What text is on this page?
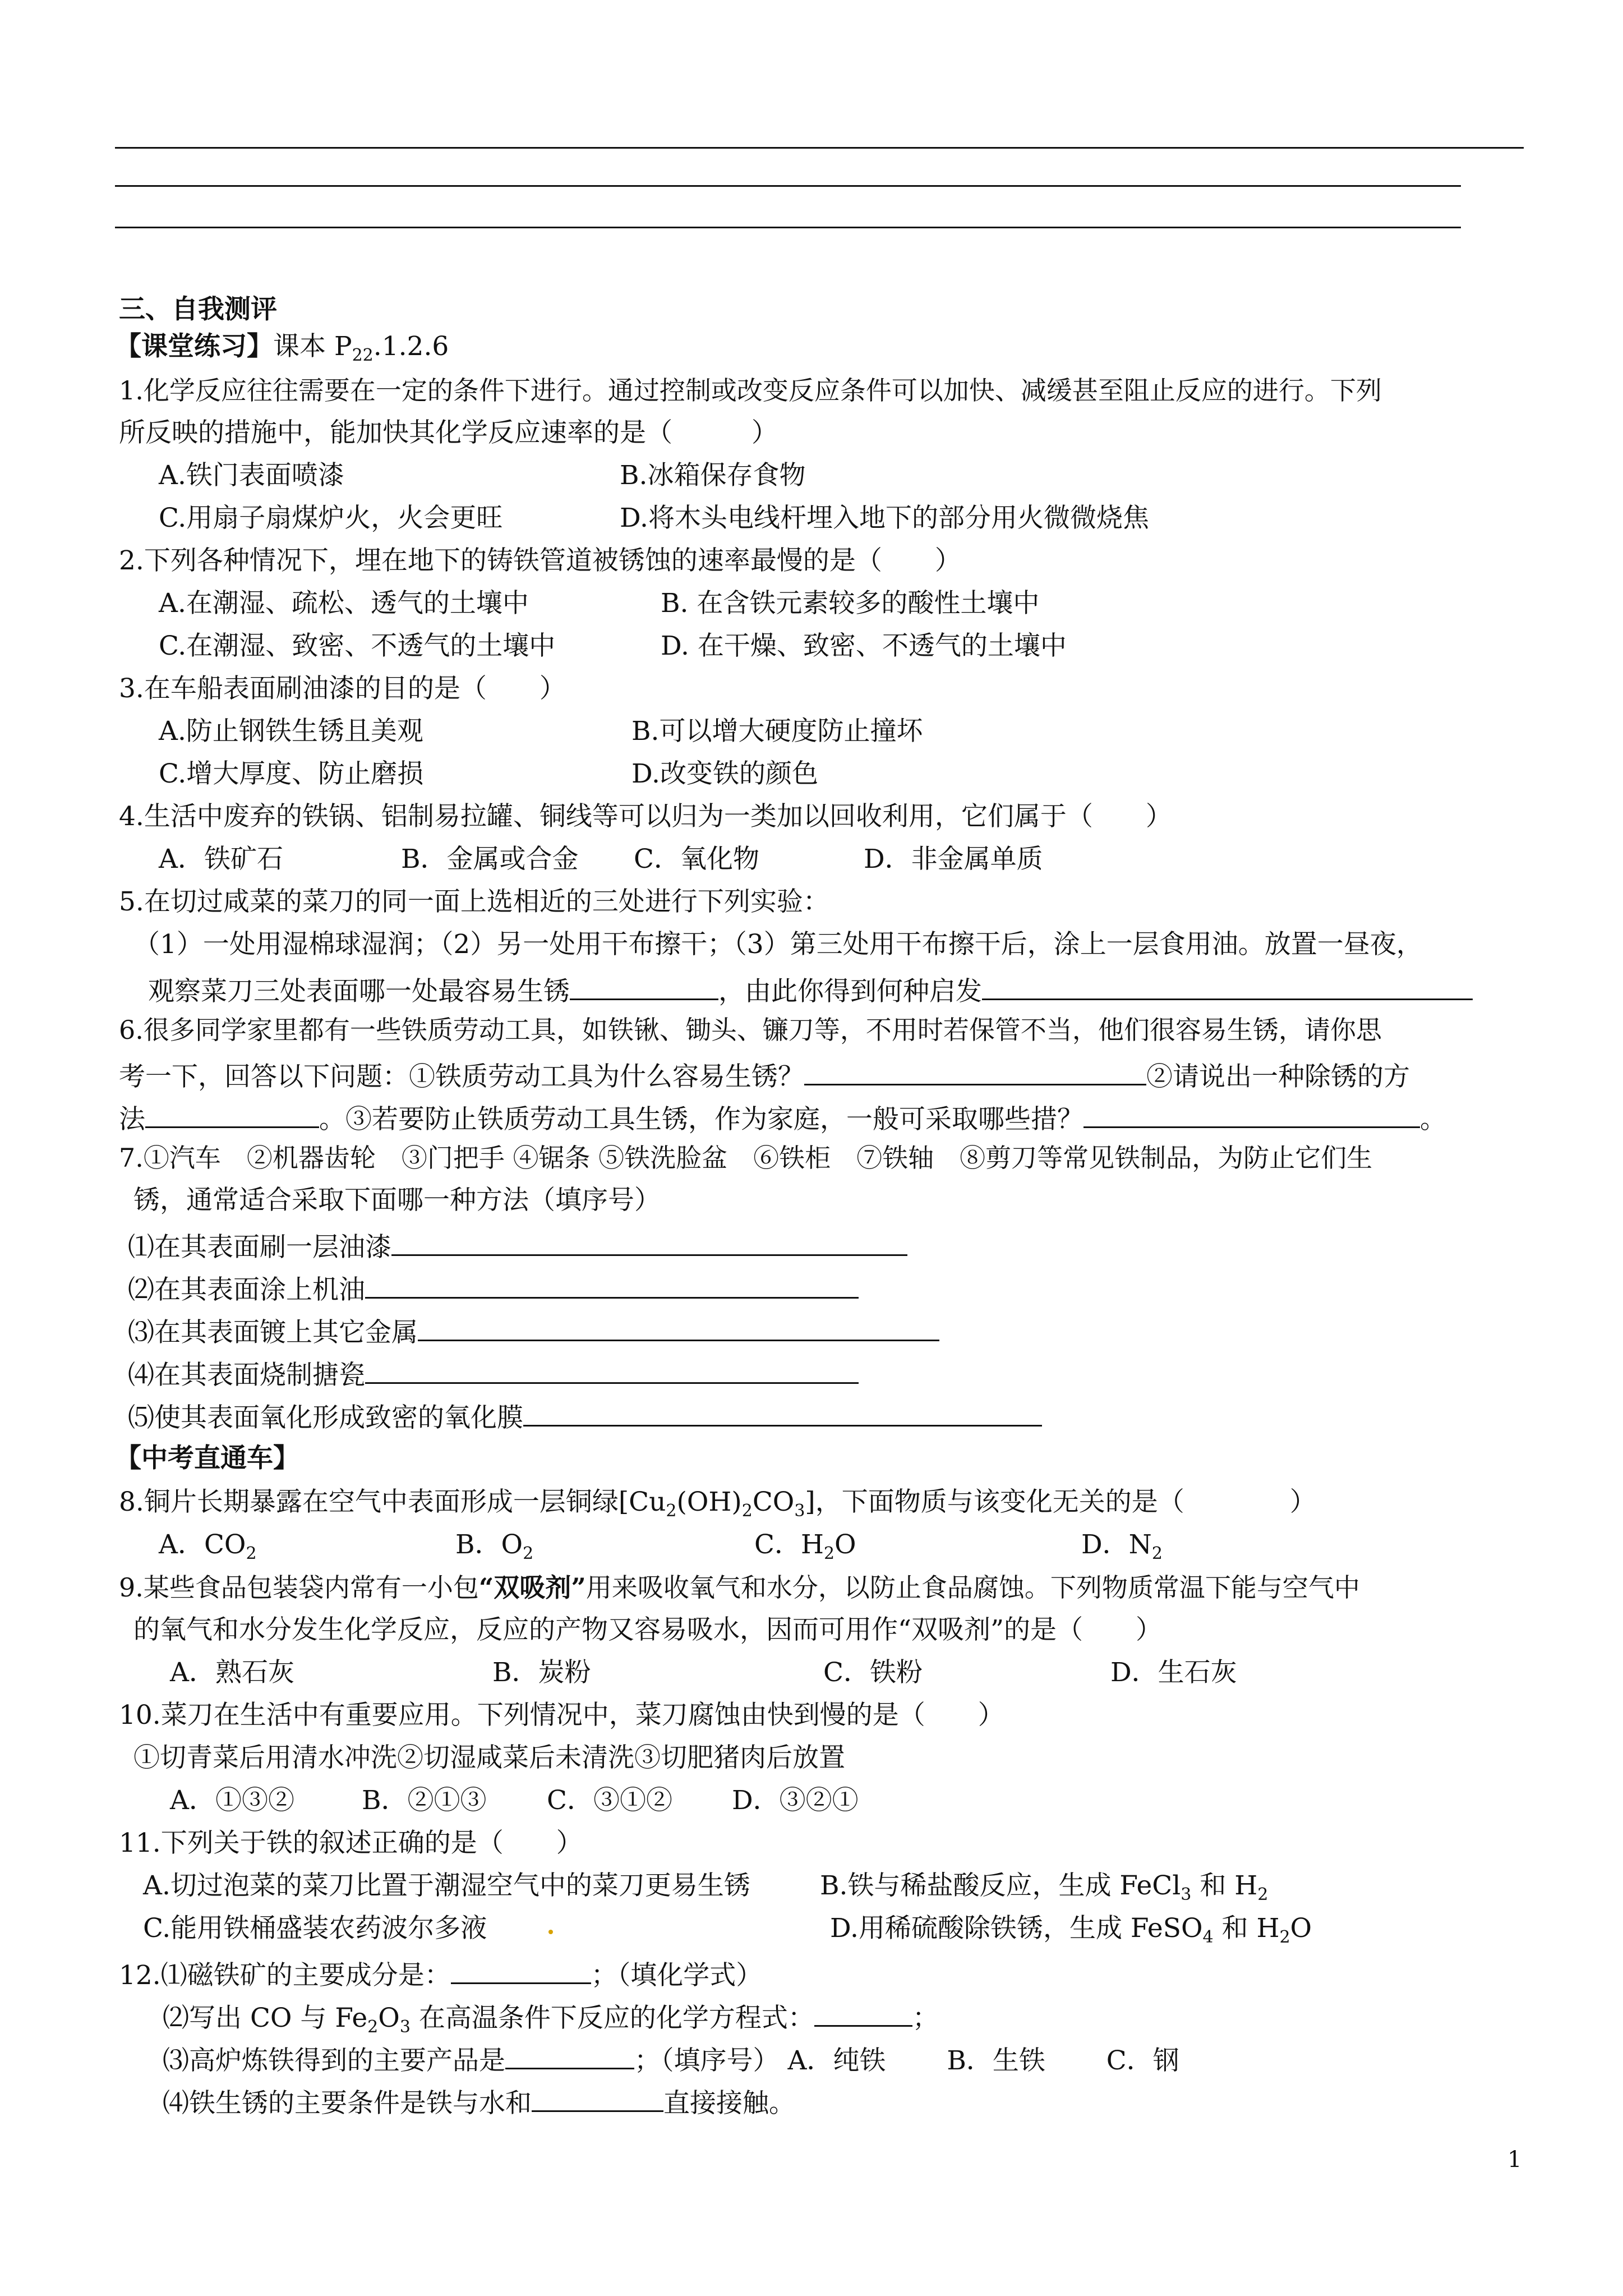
三、自我测评
【课堂练习】课本 $P_{22}.1.2.6$
1.化学反应往往需要在一定的条件下进行。通过控制或改变反应条件可以加快、减缓甚至阻止反应的进行。下列
所反映的措施中，能加快其化学反应速率的是（　　　）
A.铁门表面喷漆	B.冰箱保存食物
C.用扇子扇煤炉火，火会更旺	D.将木头电线杆埋入地下的部分用火微微烧焦
2.下列各种情况下，埋在地下的铸铁管道被锈蚀的速率最慢的是（　　）
A.在潮湿、疏松、透气的土壤中	B. 在含铁元素较多的酸性土壤中
C.在潮湿、致密、不透气的土壤中	D. 在干燥、致密、不透气的土壤中
3.在车船表面刷油漆的目的是（　　）
A.防止钢铁生锈且美观	B.可以增大硬度防止撞坏
C.增大厚度、防止磨损	D.改变铁的颜色
4.生活中废弃的铁锅、铝制易拉罐、铜线等可以归为一类加以回收利用，它们属于（　　）
A．铁矿石	B．金属或合金 C．氧化物	D．非金属单质
5.在切过咸菜的菜刀的同一面上选相近的三处进行下列实验：
（1）一处用湿棉球湿润；（2）另一处用干布擦干；（3）第三处用干布擦干后，涂上一层食用油。放置一昼夜，
观察菜刀三处表面哪一处最容易生锈	，由此你得到何种启发
6.很多同学家里都有一些铁质劳动工具，如铁锹、锄头、镰刀等，不用时若保管不当，他们很容易生锈，请你思
考一下，回答以下问题：①铁质劳动工具为什么容易生锈？	②请说出一种除锈的方
法	。③若要防止铁质劳动工具生锈，作为家庭，一般可采取哪些措？	。
7.①汽车　②机器齿轮　③门把手 ④锯条 ⑤铁洗脸盆　⑥铁柜　⑦铁轴　⑧剪刀等常见铁制品，为防止它们生
锈，通常适合采取下面哪一种方法（填序号）
⑴在其表面刷一层油漆
⑵在其表面涂上机油
⑶在其表面镀上其它金属
⑷在其表面烧制搪瓷
⑸使其表面氧化形成致密的氧化膜
【中考直通车】
8.铜片长期暴露在空气中表面形成一层铜绿$[Cu_2(OH)_2CO_3]$，下面物质与该变化无关的是（　　　　）
A．$CO_2$	B．$O_2$	C．$H_2O$	D．$N_2$
9.某些食品包装袋内常有一小包“双吸剂”用来吸收氧气和水分，以防止食品腐蚀。下列物质常温下能与空气中
的氧气和水分发生化学反应，反应的产物又容易吸水，因而可用作“双吸剂”的是（　　）
A．熟石灰	B．炭粉	C．铁粉	D．生石灰
10.菜刀在生活中有重要应用。下列情况中，菜刀腐蚀由快到慢的是（　　）
①切青菜后用清水冲洗②切湿咸菜后未清洗③切肥猪肉后放置
A．①③②	B．②①③ C．③①② D．③②①
11.下列关于铁的叙述正确的是（　　）
A.切过泡菜的菜刀比置于潮湿空气中的菜刀更易生锈	B.铁与稀盐酸反应，生成 FeCl$_3$ 和 $H_2$
C.能用铁桶盛装农药波尔多液	D.用稀硫酸除铁锈，生成 FeSO$_4$ 和 $H_2O$
12.⑴磁铁矿的主要成分是：	；（填化学式）
⑵写出 CO 与 $Fe_2O_3$ 在高温条件下反应的化学方程式：	；
⑶高炉炼铁得到的主要产品是	；（填序号） A．纯铁　　 B．生铁　　 C．钢
⑷铁生锈的主要条件是铁与水和	直接接触。
1
